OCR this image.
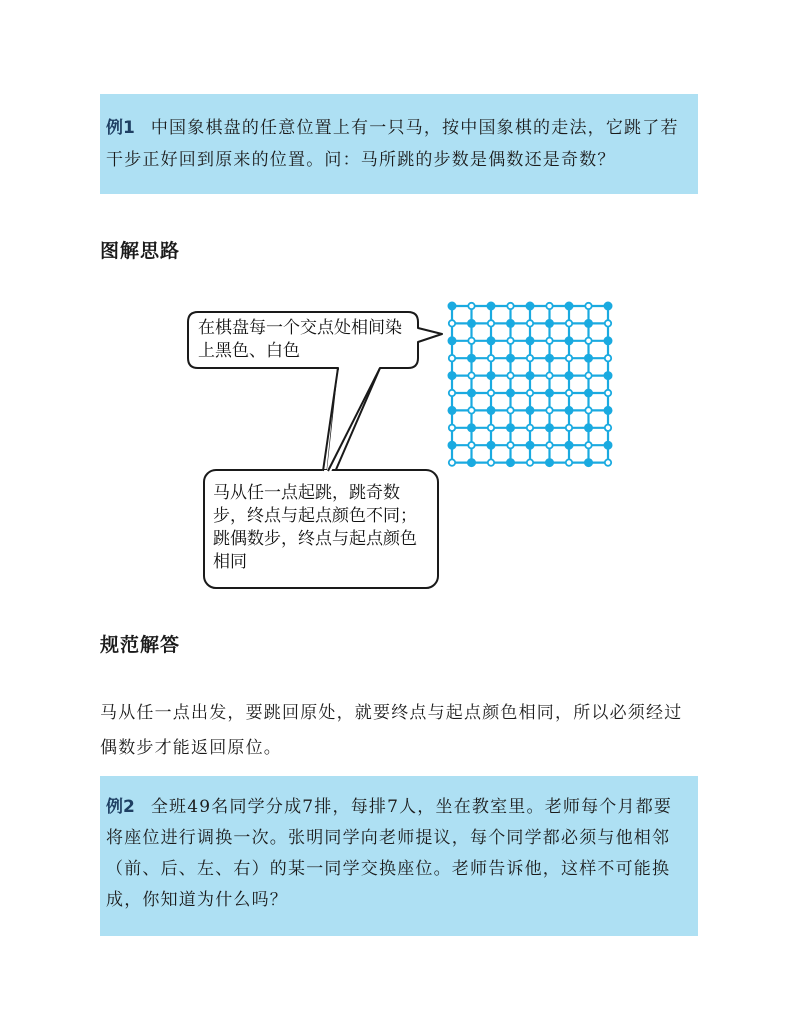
例1 中国象棋盘的任意位置上有一只马，按中国象棋的走法，它跳了若干步正好回到原来的位置。问：马所跳的步数是偶数还是奇数？
图解思路
在棋盘每一个交点处相间染上黑色、白色
马从任一点起跳，跳奇数步，终点与起点颜色不同；跳偶数步，终点与起点颜色相同
规范解答
马从任一点出发，要跳回原处，就要终点与起点颜色相同，所以必须经过偶数步才能返回原位。
例2 全班49名同学分成7排，每排7人，坐在教室里。老师每个月都要将座位进行调换一次。张明同学向老师提议，每个同学都必须与他相邻（前、后、左、右）的某一同学交换座位。老师告诉他，这样不可能换成，你知道为什么吗？
